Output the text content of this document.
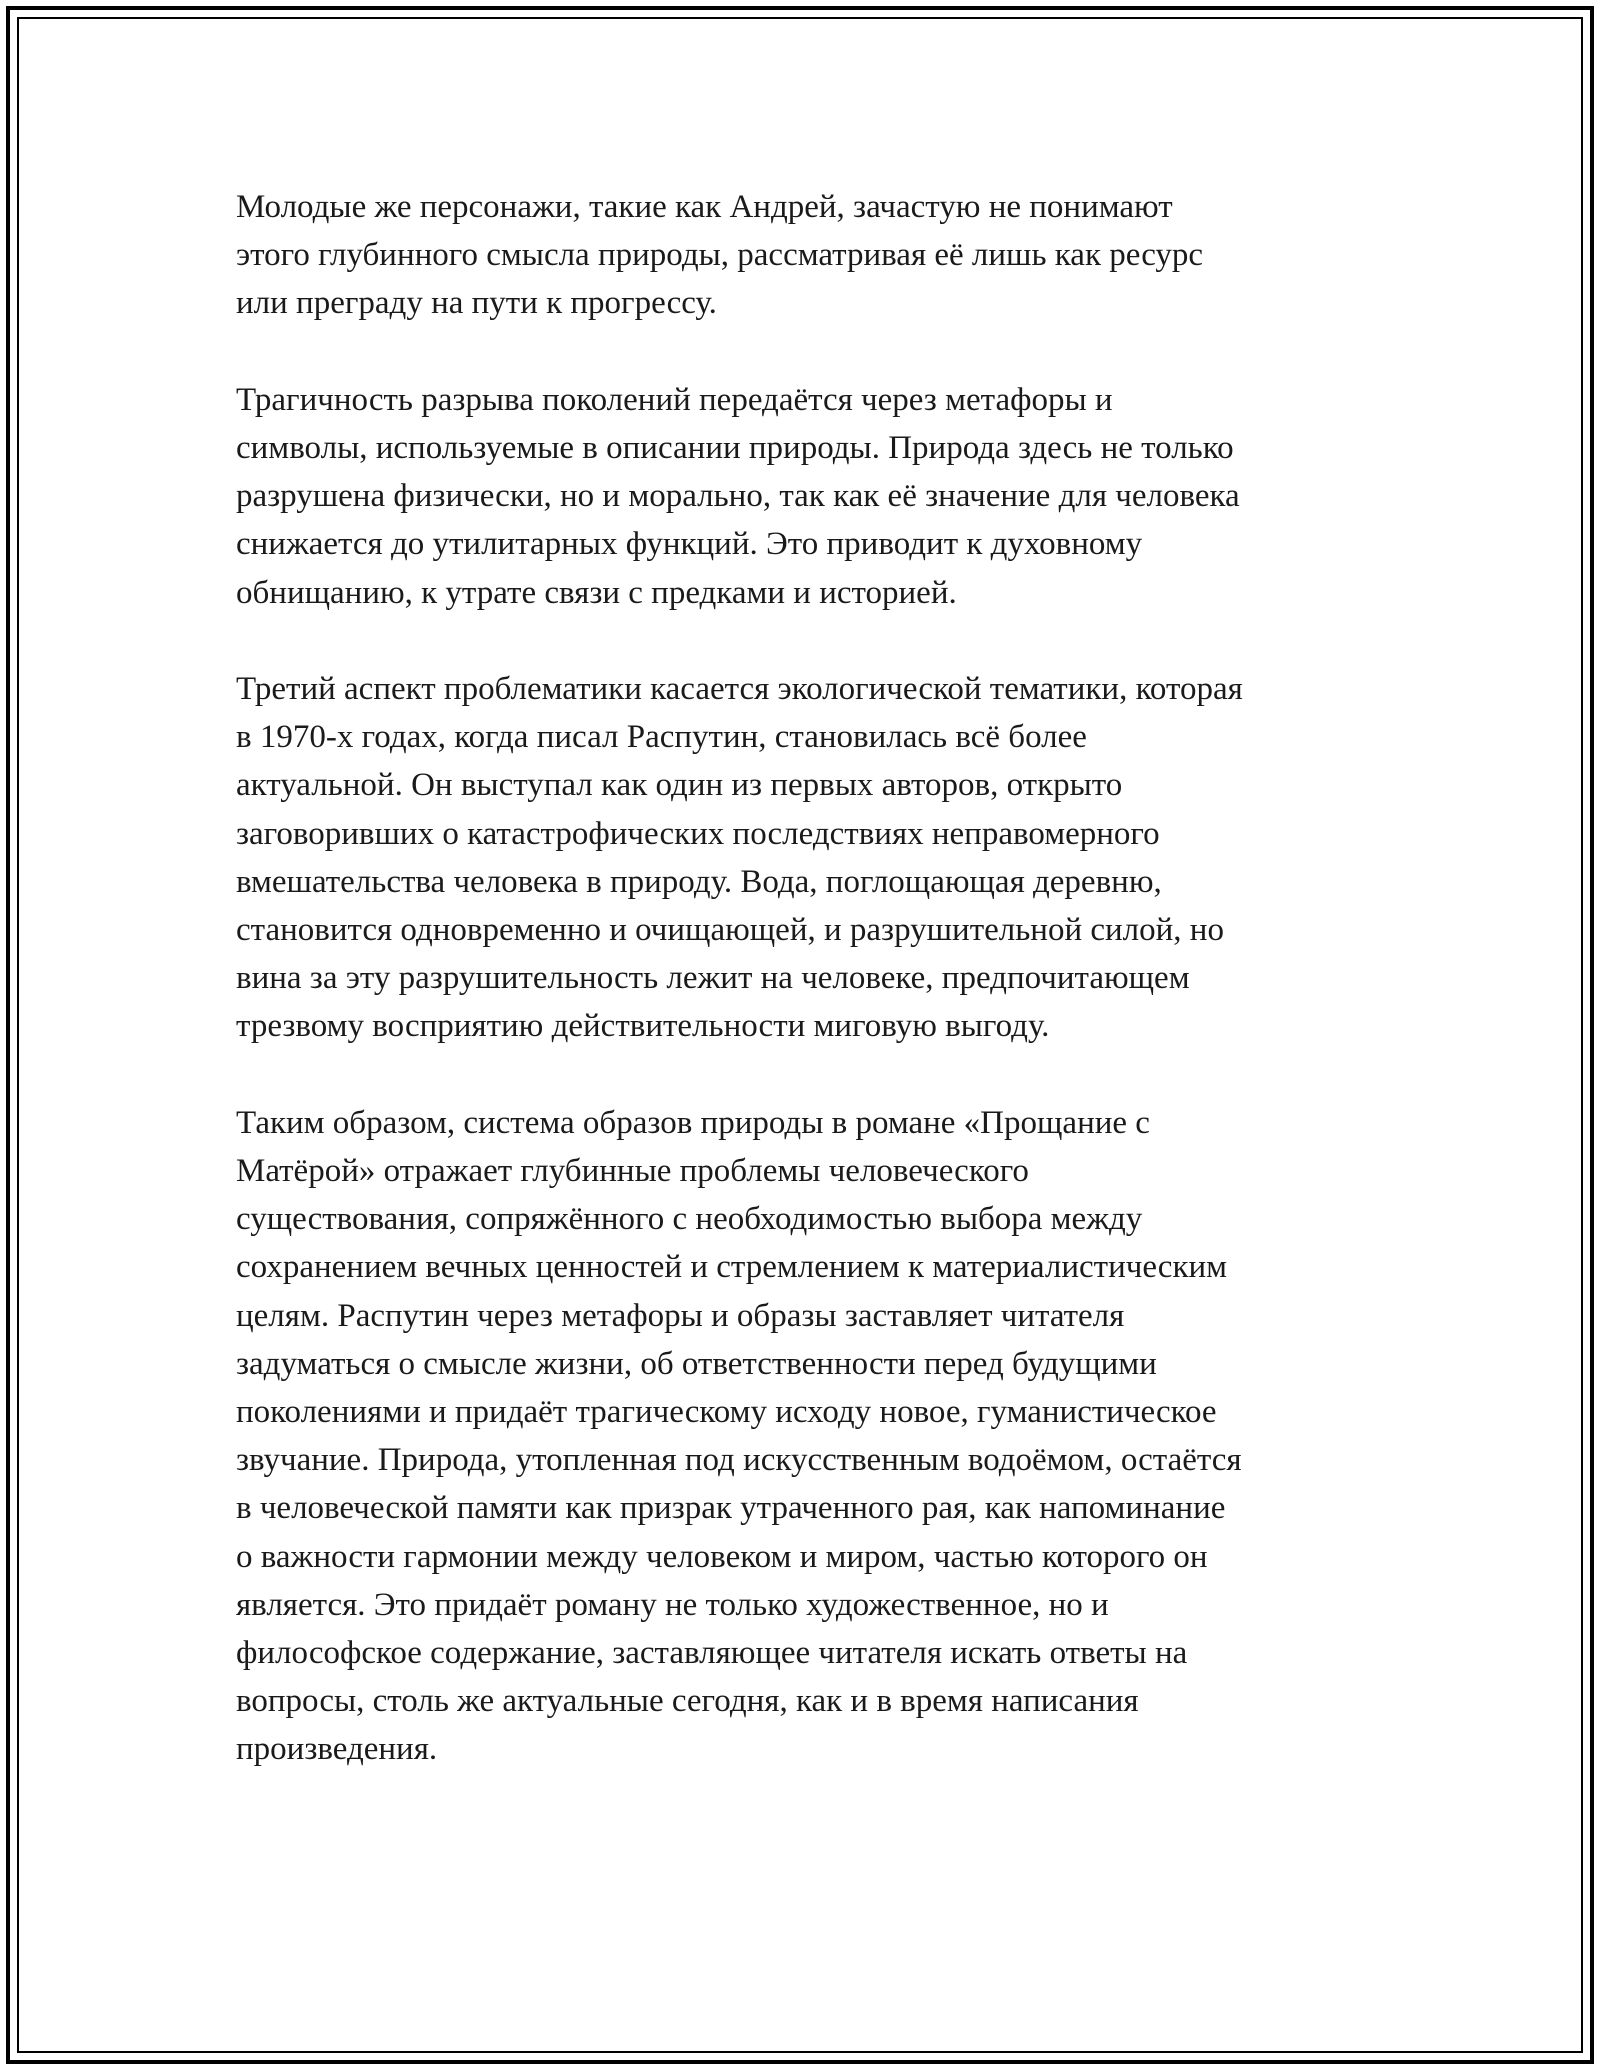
Молодые же персонажи, такие как Андрей, зачастую не понимают
этого глубинного смысла природы, рассматривая её лишь как ресурс
или преграду на пути к прогрессу.

Трагичность разрыва поколений передаётся через метафоры и
символы, используемые в описании природы. Природа здесь не только
разрушена физически, но и морально, так как её значение для человека
снижается до утилитарных функций. Это приводит к духовному
обнищанию, к утрате связи с предками и историей.

Третий аспект проблематики касается экологической тематики, которая
в 1970-х годах, когда писал Распутин, становилась всё более
актуальной. Он выступал как один из первых авторов, открыто
заговоривших о катастрофических последствиях неправомерного
вмешательства человека в природу. Вода, поглощающая деревню,
становится одновременно и очищающей, и разрушительной силой, но
вина за эту разрушительность лежит на человеке, предпочитающем
трезвому восприятию действительности миговую выгоду.

Таким образом, система образов природы в романе «Прощание с
Матёрой» отражает глубинные проблемы человеческого
существования, сопряжённого с необходимостью выбора между
сохранением вечных ценностей и стремлением к материалистическим
целям. Распутин через метафоры и образы заставляет читателя
задуматься о смысле жизни, об ответственности перед будущими
поколениями и придаёт трагическому исходу новое, гуманистическое
звучание. Природа, утопленная под искусственным водоёмом, остаётся
в человеческой памяти как призрак утраченного рая, как напоминание
о важности гармонии между человеком и миром, частью которого он
является. Это придаёт роману не только художественное, но и
философское содержание, заставляющее читателя искать ответы на
вопросы, столь же актуальные сегодня, как и в время написания
произведения.
